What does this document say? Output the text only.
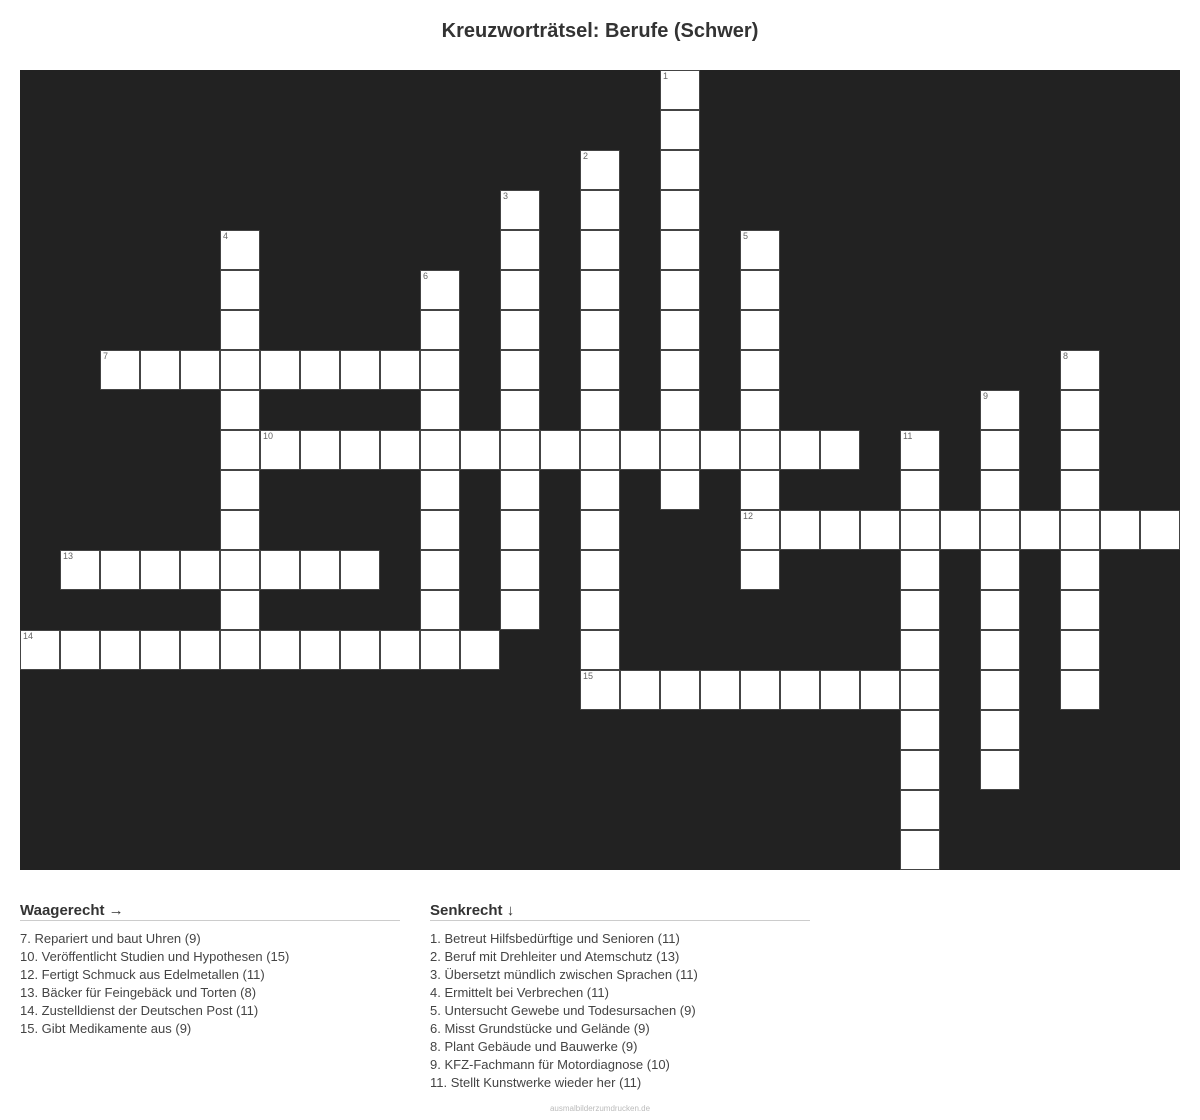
Kreuzworträtsel: Berufe (Schwer)
1
2
3
4	5
12
6
7	8
9
10	11
13
14
15
Waagerecht →
7. Repariert und baut Uhren (9)
10. Veröffentlicht Studien und Hypothesen (15)
12. Fertigt Schmuck aus Edelmetallen (11)
13. Bäcker für Feingebäck und Torten (8)
14. Zustelldienst der Deutschen Post (11)
15. Gibt Medikamente aus (9)
Senkrecht ↓
1. Betreut Hilfsbedürftige und Senioren (11)
2. Beruf mit Drehleiter und Atemschutz (13)
3. Übersetzt mündlich zwischen Sprachen (11)
4. Ermittelt bei Verbrechen (11)
5. Untersucht Gewebe und Todesursachen (9)
6. Misst Grundstücke und Gelände (9)
8. Plant Gebäude und Bauwerke (9)
9. KFZ-Fachmann für Motordiagnose (10)
11. Stellt Kunstwerke wieder her (11)
ausmalbilderzumdrucken.de
